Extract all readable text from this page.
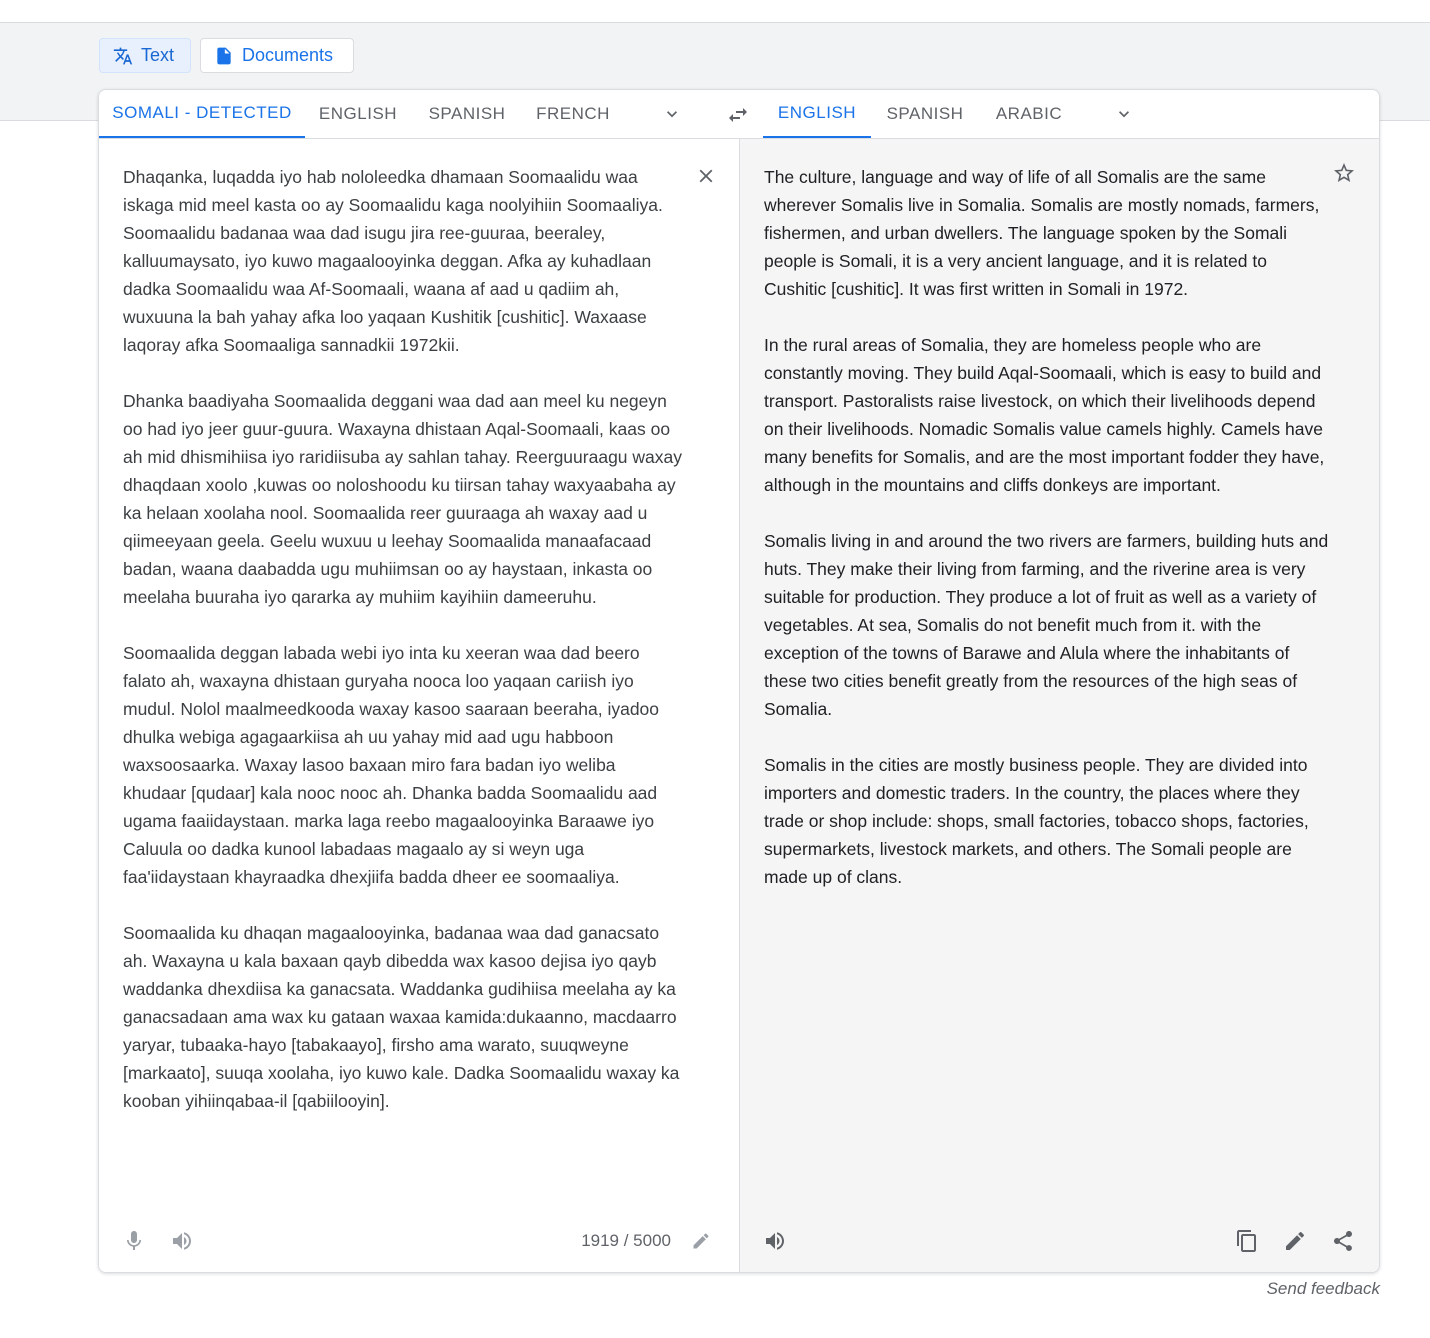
Text	Documents
SOMALI - DETECTED	ENGLISH	SPANISH	FRENCH	ENGLISH	SPANISH	ARABIC

Dhaqanka, luqadda iyo hab nololeedka dhamaan Soomaalidu waa iskaga mid meel kasta oo ay Soomaalidu kaga noolyihiin Soomaaliya. Soomaalidu badanaa waa dad isugu jira ree-guuraa, beeraley, kalluumaysato, iyo kuwo magaalooyinka deggan. Afka ay kuhadlaan dadka Soomaalidu waa Af-Soomaali, waana af aad u qadiim ah, wuxuuna la bah yahay afka loo yaqaan Kushitik [cushitic]. Waxaase laqoray afka Soomaaliga sannadkii 1972kii.

Dhanka baadiyaha Soomaalida deggani waa dad aan meel ku negeyn oo had iyo jeer guur-guura. Waxayna dhistaan Aqal-Soomaali, kaas oo ah mid dhismihiisa iyo raridiisuba ay sahlan tahay. Reerguuraagu waxay dhaqdaan xoolo ,kuwas oo noloshoodu ku tiirsan tahay waxyaabaha ay ka helaan xoolaha nool. Soomaalida reer guuraaga ah waxay aad u qiimeeyaan geela. Geelu wuxuu u leehay Soomaalida manaafacaad badan, waana daabadda ugu muhiimsan oo ay haystaan, inkasta oo meelaha buuraha iyo qararka ay muhiim kayihiin dameeruhu.

Soomaalida deggan labada webi iyo inta ku xeeran waa dad beero falato ah, waxayna dhistaan guryaha nooca loo yaqaan cariish iyo mudul. Nolol maalmeedkooda waxay kasoo saaraan beeraha, iyadoo dhulka webiga agagaarkiisa ah uu yahay mid aad ugu habboon waxsoosaarka. Waxay lasoo baxaan miro fara badan iyo weliba khudaar [qudaar] kala nooc nooc ah. Dhanka badda Soomaalidu aad ugama faaiidaystaan. marka laga reebo magaalooyinka Baraawe iyo Caluula oo dadka kunool labadaas magaalo ay si weyn uga faa'iidaystaan khayraadka dhexjiifa badda dheer ee soomaaliya.

Soomaalida ku dhaqan magaalooyinka, badanaa waa dad ganacsato ah. Waxayna u kala baxaan qayb dibedda wax kasoo dejisa iyo qayb waddanka dhexdiisa ka ganacsata. Waddanka gudihiisa meelaha ay ka ganacsadaan ama wax ku gataan waxaa kamida:dukaanno, macdaarro yaryar, tubaaka-hayo [tabakaayo], firsho ama warato, suuqweyne [markaato], suuqa xoolaha, iyo kuwo kale. Dadka Soomaalidu waxay ka kooban yihiinqabaa-il [qabiilooyin].

1919 / 5000

The culture, language and way of life of all Somalis are the same wherever Somalis live in Somalia. Somalis are mostly nomads, farmers, fishermen, and urban dwellers. The language spoken by the Somali people is Somali, it is a very ancient language, and it is related to Cushitic [cushitic]. It was first written in Somali in 1972.

In the rural areas of Somalia, they are homeless people who are constantly moving. They build Aqal-Soomaali, which is easy to build and transport. Pastoralists raise livestock, on which their livelihoods depend on their livelihoods. Nomadic Somalis value camels highly. Camels have many benefits for Somalis, and are the most important fodder they have, although in the mountains and cliffs donkeys are important.

Somalis living in and around the two rivers are farmers, building huts and huts. They make their living from farming, and the riverine area is very suitable for production. They produce a lot of fruit as well as a variety of vegetables. At sea, Somalis do not benefit much from it. with the exception of the towns of Barawe and Alula where the inhabitants of these two cities benefit greatly from the resources of the high seas of Somalia.

Somalis in the cities are mostly business people. They are divided into importers and domestic traders. In the country, the places where they trade or shop include: shops, small factories, tobacco shops, factories, supermarkets, livestock markets, and others. The Somali people are made up of clans.

Send feedback
